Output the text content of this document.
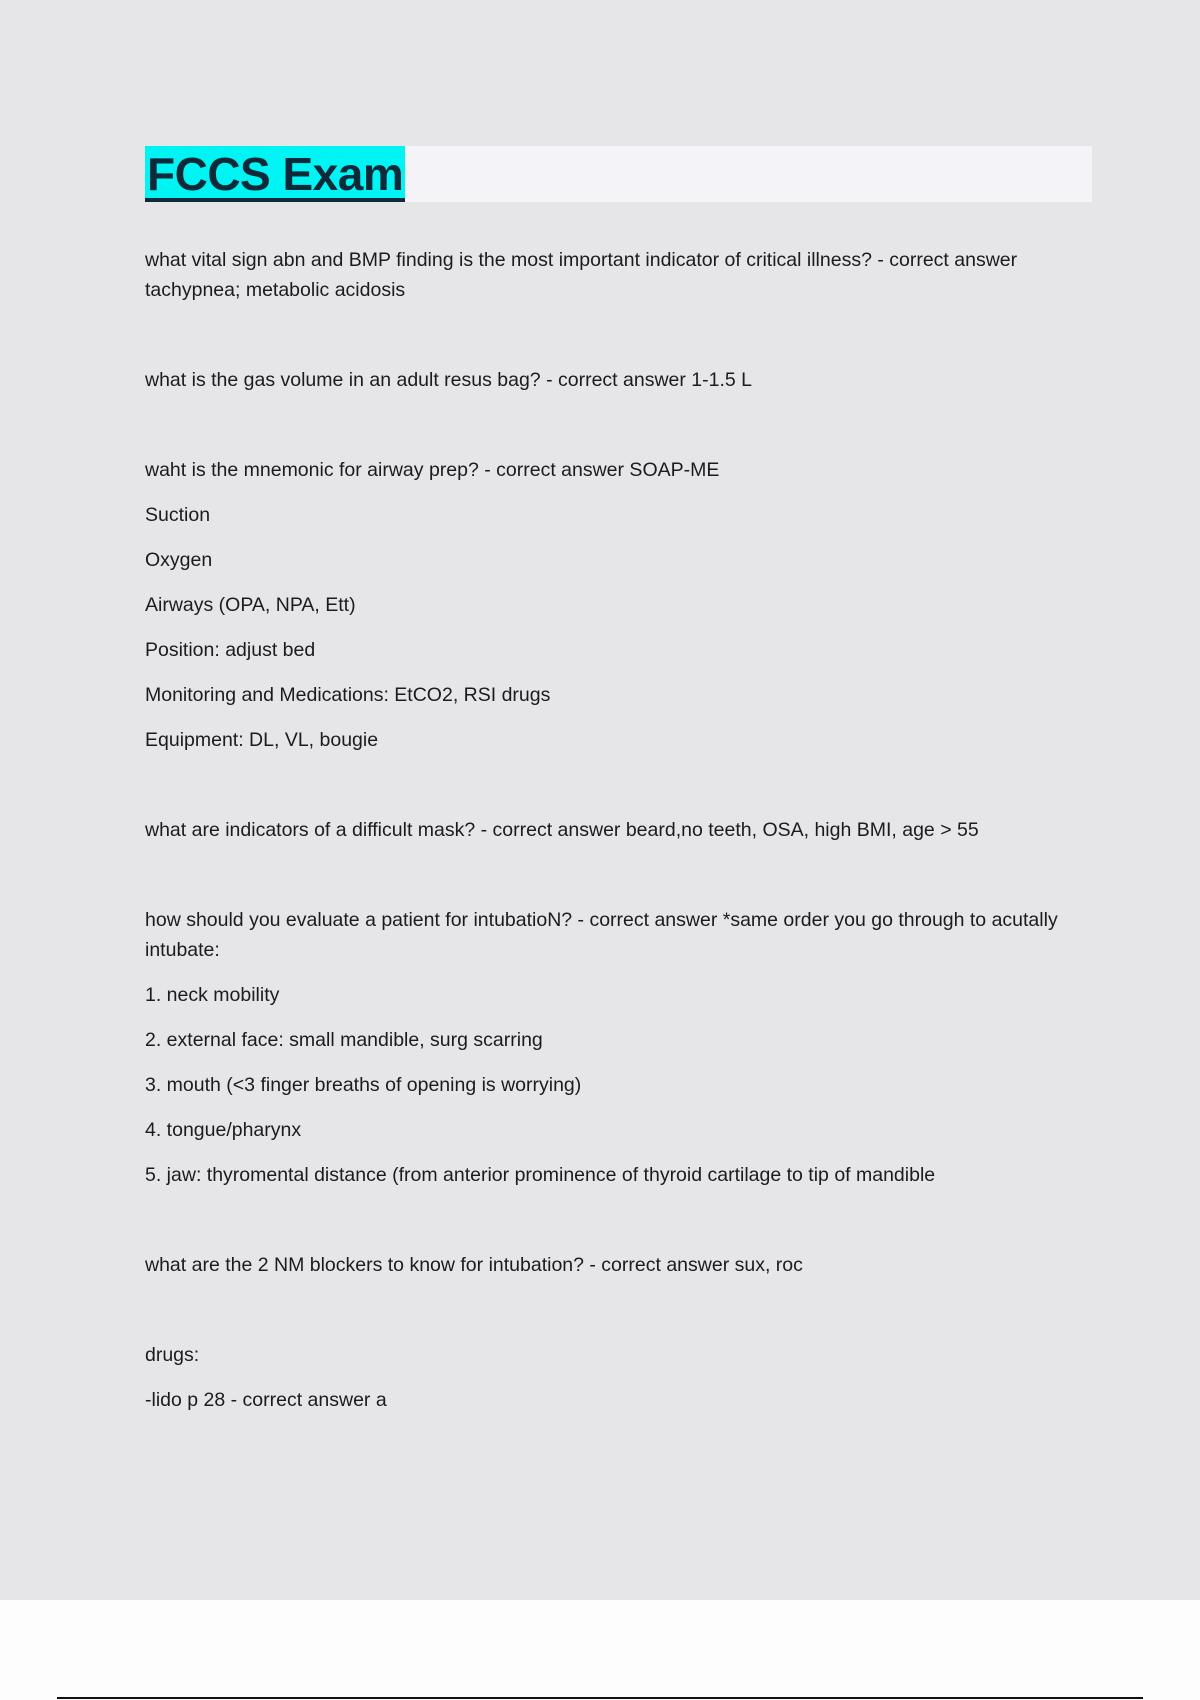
FCCS Exam

what vital sign abn and BMP finding is the most important indicator of critical illness? - correct answer tachypnea; metabolic acidosis

what is the gas volume in an adult resus bag? - correct answer 1-1.5 L

waht is the mnemonic for airway prep? - correct answer SOAP-ME

Suction

Oxygen

Airways (OPA, NPA, Ett)

Position: adjust bed

Monitoring and Medications: EtCO2, RSI drugs

Equipment: DL, VL, bougie

what are indicators of a difficult mask? - correct answer beard,no teeth, OSA, high BMI, age > 55

how should you evaluate a patient for intubatioN? - correct answer *same order you go through to acutally intubate:

1. neck mobility

2. external face: small mandible, surg scarring

3. mouth (<3 finger breaths of opening is worrying)

4. tongue/pharynx

5. jaw: thyromental distance (from anterior prominence of thyroid cartilage to tip of mandible

what are the 2 NM blockers to know for intubation? - correct answer sux, roc

drugs:

-lido p 28 - correct answer a
